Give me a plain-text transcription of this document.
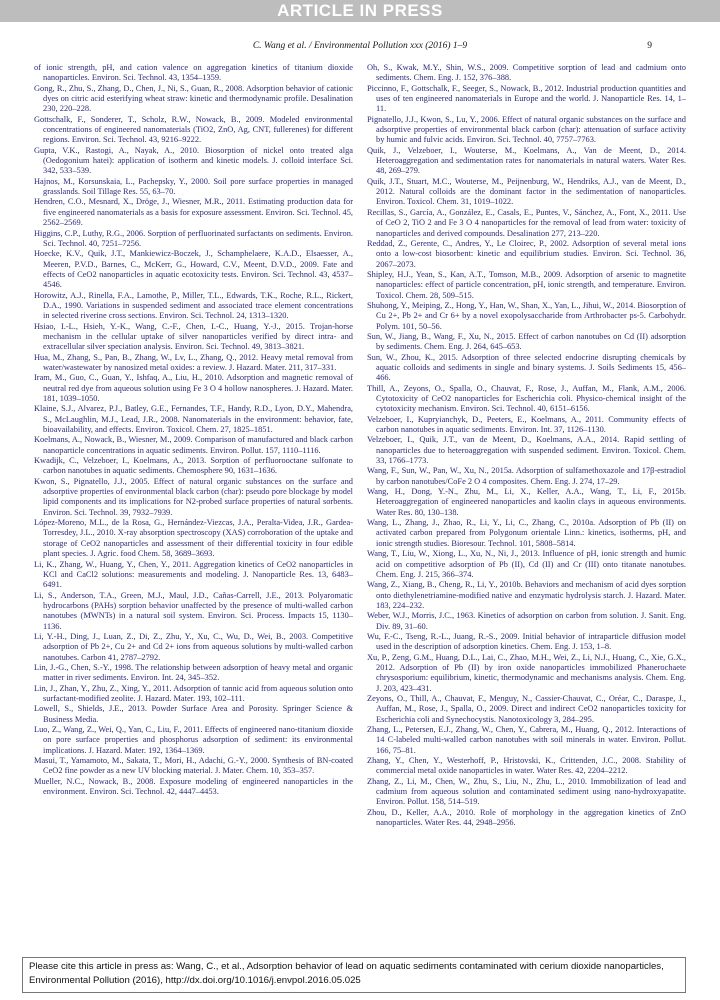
ARTICLE IN PRESS
C. Wang et al. / Environmental Pollution xxx (2016) 1–9	9
of ionic strength, pH, and cation valence on aggregation kinetics of titanium dioxide nanoparticles. Environ. Sci. Technol. 43, 1354–1359.
Gong, R., Zhu, S., Zhang, D., Chen, J., Ni, S., Guan, R., 2008. Adsorption behavior of cationic dyes on citric acid esterifying wheat straw: kinetic and thermodynamic profile. Desalination 230, 220–228.
Gottschalk, F., Sonderer, T., Scholz, R.W., Nowack, B., 2009. Modeled environmental concentrations of engineered nanomaterials (TiO2, ZnO, Ag, CNT, fullerenes) for different regions. Environ. Sci. Technol. 43, 9216–9222.
Gupta, V.K., Rastogi, A., Nayak, A., 2010. Biosorption of nickel onto treated alga (Oedogonium hatei): application of isotherm and kinetic models. J. colloid interface Sci. 342, 533–539.
Hajnos, M., Korsunskaia, L., Pachepsky, Y., 2000. Soil pore surface properties in managed grasslands. Soil Tillage Res. 55, 63–70.
Hendren, C.O., Mesnard, X., Dröge, J., Wiesner, M.R., 2011. Estimating production data for five engineered nanomaterials as a basis for exposure assessment. Environ. Sci. Technol. 45, 2562–2569.
Higgins, C.P., Luthy, R.G., 2006. Sorption of perfluorinated surfactants on sediments. Environ. Sci. Technol. 40, 7251–7256.
Hoecke, K.V., Quik, J.T., Mankiewicz-Boczek, J., Schamphelaere, K.A.D., Elsaesser, A., Meeren, P.V.D., Barnes, C., McKerr, G., Howard, C.V., Meent, D.V.D., 2009. Fate and effects of CeO2 nanoparticles in aquatic ecotoxicity tests. Environ. Sci. Technol. 43, 4537–4546.
Horowitz, A.J., Rinella, F.A., Lamothe, P., Miller, T.L., Edwards, T.K., Roche, R.L., Rickert, D.A., 1990. Variations in suspended sediment and associated trace element concentrations in selected riverine cross sections. Environ. Sci. Technol. 24, 1313–1320.
Hsiao, I.-L., Hsieh, Y.-K., Wang, C.-F., Chen, I.-C., Huang, Y.-J., 2015. Trojan-horse mechanism in the cellular uptake of silver nanoparticles verified by direct intra- and extracellular silver speciation analysis. Environ. Sci. Technol. 49, 3813–3821.
Hua, M., Zhang, S., Pan, B., Zhang, W., Lv, L., Zhang, Q., 2012. Heavy metal removal from water/wastewater by nanosized metal oxides: a review. J. Hazard. Mater. 211, 317–331.
Iram, M., Guo, C., Guan, Y., Ishfaq, A., Liu, H., 2010. Adsorption and magnetic removal of neutral red dye from aqueous solution using Fe 3 O 4 hollow nanospheres. J. Hazard. Mater. 181, 1039–1050.
Klaine, S.J., Alvarez, P.J., Batley, G.E., Fernandes, T.F., Handy, R.D., Lyon, D.Y., Mahendra, S., McLaughlin, M.J., Lead, J.R., 2008. Nanomaterials in the environment: behavior, fate, bioavailability, and effects. Environ. Toxicol. Chem. 27, 1825–1851.
Koelmans, A., Nowack, B., Wiesner, M., 2009. Comparison of manufactured and black carbon nanoparticle concentrations in aquatic sediments. Environ. Pollut. 157, 1110–1116.
Kwadijk, C., Velzeboer, I., Koelmans, A., 2013. Sorption of perfluorooctane sulfonate to carbon nanotubes in aquatic sediments. Chemosphere 90, 1631–1636.
Kwon, S., Pignatello, J.J., 2005. Effect of natural organic substances on the surface and adsorptive properties of environmental black carbon (char): pseudo pore blockage by model lipid components and its implications for N2-probed surface properties of natural sorbents. Environ. Sci. Technol. 39, 7932–7939.
López-Moreno, M.L., de la Rosa, G., Hernández-Viezcas, J.A., Peralta-Videa, J.R., Gardea-Torresdey, J.L., 2010. X-ray absorption spectroscopy (XAS) corroboration of the uptake and storage of CeO2 nanoparticles and assessment of their differential toxicity in four edible plant species. J. Agric. food Chem. 58, 3689–3693.
Li, K., Zhang, W., Huang, Y., Chen, Y., 2011. Aggregation kinetics of CeO2 nanoparticles in KCl and CaCl2 solutions: measurements and modeling. J. Nanoparticle Res. 13, 6483–6491.
Li, S., Anderson, T.A., Green, M.J., Maul, J.D., Cañas-Carrell, J.E., 2013. Polyaromatic hydrocarbons (PAHs) sorption behavior unaffected by the presence of multi-walled carbon nanotubes (MWNTs) in a natural soil system. Environ. Sci. Process. Impacts 15, 1130–1136.
Li, Y.-H., Ding, J., Luan, Z., Di, Z., Zhu, Y., Xu, C., Wu, D., Wei, B., 2003. Competitive adsorption of Pb 2+, Cu 2+ and Cd 2+ ions from aqueous solutions by multi-walled carbon nanotubes. Carbon 41, 2787–2792.
Lin, J.-G., Chen, S.-Y., 1998. The relationship between adsorption of heavy metal and organic matter in river sediments. Environ. Int. 24, 345–352.
Lin, J., Zhan, Y., Zhu, Z., Xing, Y., 2011. Adsorption of tannic acid from aqueous solution onto surfactant-modified zeolite. J. Hazard. Mater. 193, 102–111.
Lowell, S., Shields, J.E., 2013. Powder Surface Area and Porosity. Springer Science & Business Media.
Luo, Z., Wang, Z., Wei, Q., Yan, C., Liu, F., 2011. Effects of engineered nano-titanium dioxide on pore surface properties and phosphorus adsorption of sediment: its environmental implications. J. Hazard. Mater. 192, 1364–1369.
Masui, T., Yamamoto, M., Sakata, T., Mori, H., Adachi, G.-Y., 2000. Synthesis of BN-coated CeO2 fine powder as a new UV blocking material. J. Mater. Chem. 10, 353–357.
Mueller, N.C., Nowack, B., 2008. Exposure modeling of engineered nanoparticles in the environment. Environ. Sci. Technol. 42, 4447–4453.
Oh, S., Kwak, M.Y., Shin, W.S., 2009. Competitive sorption of lead and cadmium onto sediments. Chem. Eng. J. 152, 376–388.
Piccinno, F., Gottschalk, F., Seeger, S., Nowack, B., 2012. Industrial production quantities and uses of ten engineered nanomaterials in Europe and the world. J. Nanoparticle Res. 14, 1–11.
Pignatello, J.J., Kwon, S., Lu, Y., 2006. Effect of natural organic substances on the surface and adsorptive properties of environmental black carbon (char): attenuation of surface activity by humic and fulvic acids. Environ. Sci. Technol. 40, 7757–7763.
Quik, J., Velzeboer, I., Wouterse, M., Koelmans, A., Van de Meent, D., 2014. Heteroaggregation and sedimentation rates for nanomaterials in natural waters. Water Res. 48, 269–279.
Quik, J.T., Stuart, M.C., Wouterse, M., Peijnenburg, W., Hendriks, A.J., van de Meent, D., 2012. Natural colloids are the dominant factor in the sedimentation of nanoparticles. Environ. Toxicol. Chem. 31, 1019–1022.
Recillas, S., García, A., González, E., Casals, E., Puntes, V., Sánchez, A., Font, X., 2011. Use of CeO 2, TiO 2 and Fe 3 O 4 nanoparticles for the removal of lead from water: toxicity of nanoparticles and derived compounds. Desalination 277, 213–220.
Reddad, Z., Gerente, C., Andres, Y., Le Cloirec, P., 2002. Adsorption of several metal ions onto a low-cost biosorbent: kinetic and equilibrium studies. Environ. Sci. Technol. 36, 2067–2073.
Shipley, H.J., Yean, S., Kan, A.T., Tomson, M.B., 2009. Adsorption of arsenic to magnetite nanoparticles: effect of particle concentration, pH, ionic strength, and temperature. Environ. Toxicol. Chem. 28, 509–515.
Shuhong, Y., Meiping, Z., Hong, Y., Han, W., Shan, X., Yan, L., Jihui, W., 2014. Biosorption of Cu 2+, Pb 2+ and Cr 6+ by a novel exopolysaccharide from Arthrobacter ps-5. Carbohydr. Polym. 101, 50–56.
Sun, W., Jiang, B., Wang, F., Xu, N., 2015. Effect of carbon nanotubes on Cd (II) adsorption by sediments. Chem. Eng. J. 264, 645–653.
Sun, W., Zhou, K., 2015. Adsorption of three selected endocrine disrupting chemicals by aquatic colloids and sediments in single and binary systems. J. Soils Sediments 15, 456–466.
Thill, A., Zeyons, O., Spalla, O., Chauvat, F., Rose, J., Auffan, M., Flank, A.M., 2006. Cytotoxicity of CeO2 nanoparticles for Escherichia coli. Physico-chemical insight of the cytotoxicity mechanism. Environ. Sci. Technol. 40, 6151–6156.
Velzeboer, I., Kupryianchyk, D., Peeters, E., Koelmans, A., 2011. Community effects of carbon nanotubes in aquatic sediments. Environ. Int. 37, 1126–1130.
Velzeboer, I., Quik, J.T., van de Meent, D., Koelmans, A.A., 2014. Rapid settling of nanoparticles due to heteroaggregation with suspended sediment. Environ. Toxicol. Chem. 33, 1766–1773.
Wang, F., Sun, W., Pan, W., Xu, N., 2015a. Adsorption of sulfamethoxazole and 17β-estradiol by carbon nanotubes/CoFe 2 O 4 composites. Chem. Eng. J. 274, 17–29.
Wang, H., Dong, Y.-N., Zhu, M., Li, X., Keller, A.A., Wang, T., Li, F., 2015b. Heteroaggregation of engineered nanoparticles and kaolin clays in aqueous environments. Water Res. 80, 130–138.
Wang, L., Zhang, J., Zhao, R., Li, Y., Li, C., Zhang, C., 2010a. Adsorption of Pb (II) on activated carbon prepared from Polygonum orientale Linn.: kinetics, isotherms, pH, and ionic strength studies. Bioresour. Technol. 101, 5808–5814.
Wang, T., Liu, W., Xiong, L., Xu, N., Ni, J., 2013. Influence of pH, ionic strength and humic acid on competitive adsorption of Pb (II), Cd (II) and Cr (III) onto titanate nanotubes. Chem. Eng. J. 215, 366–374.
Wang, Z., Xiang, B., Cheng, R., Li, Y., 2010b. Behaviors and mechanism of acid dyes sorption onto diethylenetriamine-modified native and enzymatic hydrolysis starch. J. Hazard. Mater. 183, 224–232.
Weber, W.J., Morris, J.C., 1963. Kinetics of adsorption on carbon from solution. J. Sanit. Eng. Div. 89, 31–60.
Wu, F.-C., Tseng, R.-L., Juang, R.-S., 2009. Initial behavior of intraparticle diffusion model used in the description of adsorption kinetics. Chem. Eng. J. 153, 1–8.
Xu, P., Zeng, G.M., Huang, D.L., Lai, C., Zhao, M.H., Wei, Z., Li, N.J., Huang, C., Xie, G.X., 2012. Adsorption of Pb (II) by iron oxide nanoparticles immobilized Phanerochaete chrysosporium: equilibrium, kinetic, thermodynamic and mechanisms analysis. Chem. Eng. J. 203, 423–431.
Zeyons, O., Thill, A., Chauvat, F., Menguy, N., Cassier-Chauvat, C., Oréar, C., Daraspe, J., Auffan, M., Rose, J., Spalla, O., 2009. Direct and indirect CeO2 nanoparticles toxicity for Escherichia coli and Synechocystis. Nanotoxicology 3, 284–295.
Zhang, L., Petersen, E.J., Zhang, W., Chen, Y., Cabrera, M., Huang, Q., 2012. Interactions of 14 C-labeled multi-walled carbon nanotubes with soil minerals in water. Environ. Pollut. 166, 75–81.
Zhang, Y., Chen, Y., Westerhoff, P., Hristovski, K., Crittenden, J.C., 2008. Stability of commercial metal oxide nanoparticles in water. Water Res. 42, 2204–2212.
Zhang, Z., Li, M., Chen, W., Zhu, S., Liu, N., Zhu, L., 2010. Immobilization of lead and cadmium from aqueous solution and contaminated sediment using nano-hydroxyapatite. Environ. Pollut. 158, 514–519.
Zhou, D., Keller, A.A., 2010. Role of morphology in the aggregation kinetics of ZnO nanoparticles. Water Res. 44, 2948–2956.
Please cite this article in press as: Wang, C., et al., Adsorption behavior of lead on aquatic sediments contaminated with cerium dioxide nanoparticles, Environmental Pollution (2016), http://dx.doi.org/10.1016/j.envpol.2016.05.025
